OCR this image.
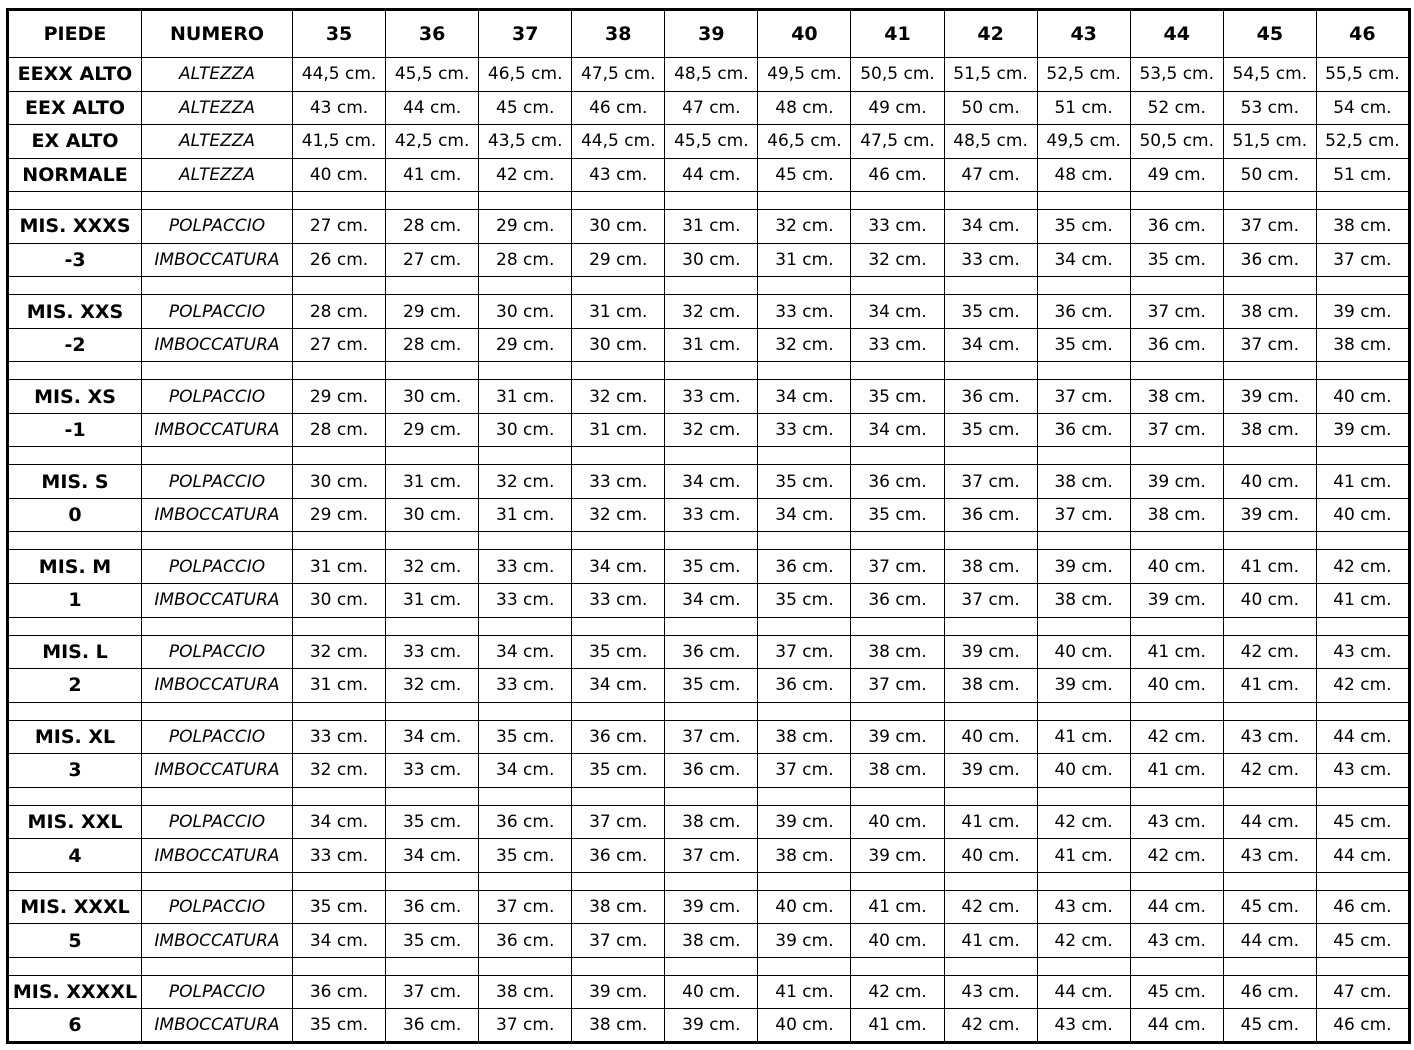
PIEDE	NUMERO	35	36	37	38	39	40	41	42	43	44	45	46
EEXX ALTO	ALTEZZA	44,5 cm.	45,5 cm.	46,5 cm.	47,5 cm.	48,5 cm.	49,5 cm.	50,5 cm.	51,5 cm.	52,5 cm.	53,5 cm.	54,5 cm.	55,5 cm.
EEX ALTO	ALTEZZA	43 cm.	44 cm.	45 cm.	46 cm.	47 cm.	48 cm.	49 cm.	50 cm.	51 cm.	52 cm.	53 cm.	54 cm.
EX ALTO	ALTEZZA	41,5 cm.	42,5 cm.	43,5 cm.	44,5 cm.	45,5 cm.	46,5 cm.	47,5 cm.	48,5 cm.	49,5 cm.	50,5 cm.	51,5 cm.	52,5 cm.
NORMALE	ALTEZZA	40 cm.	41 cm.	42 cm.	43 cm.	44 cm.	45 cm.	46 cm.	47 cm.	48 cm.	49 cm.	50 cm.	51 cm.

MIS. XXXS	POLPACCIO	27 cm.	28 cm.	29 cm.	30 cm.	31 cm.	32 cm.	33 cm.	34 cm.	35 cm.	36 cm.	37 cm.	38 cm.
-3	IMBOCCATURA	26 cm.	27 cm.	28 cm.	29 cm.	30 cm.	31 cm.	32 cm.	33 cm.	34 cm.	35 cm.	36 cm.	37 cm.

MIS. XXS	POLPACCIO	28 cm.	29 cm.	30 cm.	31 cm.	32 cm.	33 cm.	34 cm.	35 cm.	36 cm.	37 cm.	38 cm.	39 cm.
-2	IMBOCCATURA	27 cm.	28 cm.	29 cm.	30 cm.	31 cm.	32 cm.	33 cm.	34 cm.	35 cm.	36 cm.	37 cm.	38 cm.

MIS. XS	POLPACCIO	29 cm.	30 cm.	31 cm.	32 cm.	33 cm.	34 cm.	35 cm.	36 cm.	37 cm.	38 cm.	39 cm.	40 cm.
-1	IMBOCCATURA	28 cm.	29 cm.	30 cm.	31 cm.	32 cm.	33 cm.	34 cm.	35 cm.	36 cm.	37 cm.	38 cm.	39 cm.

MIS. S	POLPACCIO	30 cm.	31 cm.	32 cm.	33 cm.	34 cm.	35 cm.	36 cm.	37 cm.	38 cm.	39 cm.	40 cm.	41 cm.
0	IMBOCCATURA	29 cm.	30 cm.	31 cm.	32 cm.	33 cm.	34 cm.	35 cm.	36 cm.	37 cm.	38 cm.	39 cm.	40 cm.

MIS. M	POLPACCIO	31 cm.	32 cm.	33 cm.	34 cm.	35 cm.	36 cm.	37 cm.	38 cm.	39 cm.	40 cm.	41 cm.	42 cm.
1	IMBOCCATURA	30 cm.	31 cm.	33 cm.	33 cm.	34 cm.	35 cm.	36 cm.	37 cm.	38 cm.	39 cm.	40 cm.	41 cm.

MIS. L	POLPACCIO	32 cm.	33 cm.	34 cm.	35 cm.	36 cm.	37 cm.	38 cm.	39 cm.	40 cm.	41 cm.	42 cm.	43 cm.
2	IMBOCCATURA	31 cm.	32 cm.	33 cm.	34 cm.	35 cm.	36 cm.	37 cm.	38 cm.	39 cm.	40 cm.	41 cm.	42 cm.

MIS. XL	POLPACCIO	33 cm.	34 cm.	35 cm.	36 cm.	37 cm.	38 cm.	39 cm.	40 cm.	41 cm.	42 cm.	43 cm.	44 cm.
3	IMBOCCATURA	32 cm.	33 cm.	34 cm.	35 cm.	36 cm.	37 cm.	38 cm.	39 cm.	40 cm.	41 cm.	42 cm.	43 cm.

MIS. XXL	POLPACCIO	34 cm.	35 cm.	36 cm.	37 cm.	38 cm.	39 cm.	40 cm.	41 cm.	42 cm.	43 cm.	44 cm.	45 cm.
4	IMBOCCATURA	33 cm.	34 cm.	35 cm.	36 cm.	37 cm.	38 cm.	39 cm.	40 cm.	41 cm.	42 cm.	43 cm.	44 cm.

MIS. XXXL	POLPACCIO	35 cm.	36 cm.	37 cm.	38 cm.	39 cm.	40 cm.	41 cm.	42 cm.	43 cm.	44 cm.	45 cm.	46 cm.
5	IMBOCCATURA	34 cm.	35 cm.	36 cm.	37 cm.	38 cm.	39 cm.	40 cm.	41 cm.	42 cm.	43 cm.	44 cm.	45 cm.

MIS. XXXXL	POLPACCIO	36 cm.	37 cm.	38 cm.	39 cm.	40 cm.	41 cm.	42 cm.	43 cm.	44 cm.	45 cm.	46 cm.	47 cm.
6	IMBOCCATURA	35 cm.	36 cm.	37 cm.	38 cm.	39 cm.	40 cm.	41 cm.	42 cm.	43 cm.	44 cm.	45 cm.	46 cm.
